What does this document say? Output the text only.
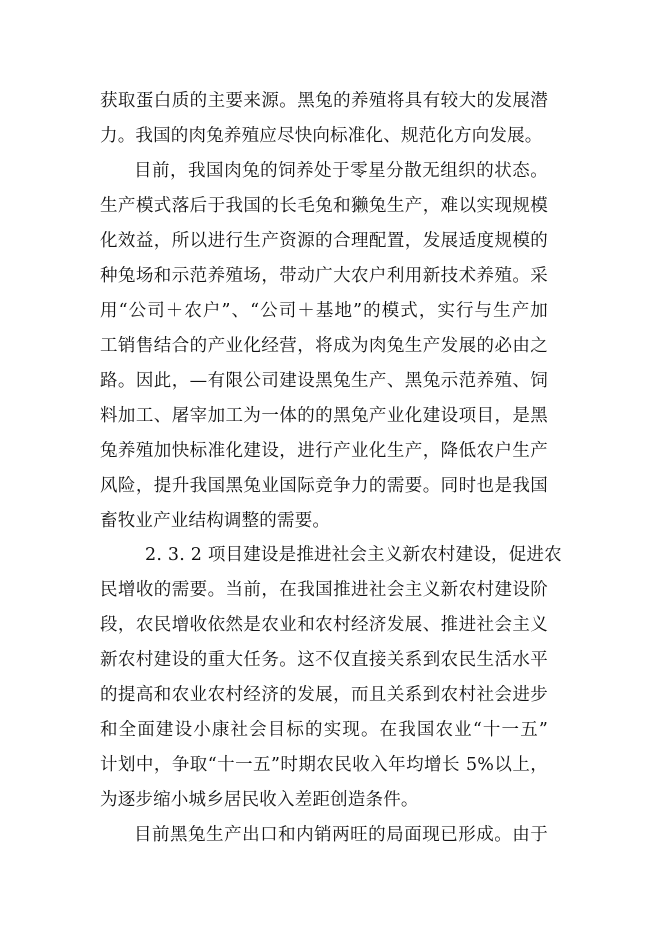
获取蛋白质的主要来源。黑兔的养殖将具有较大的发展潜
力。我国的肉兔养殖应尽快向标准化、规范化方向发展。
目前，我国肉兔的饲养处于零星分散无组织的状态。
生产模式落后于我国的长毛兔和獭兔生产，难以实现规模
化效益，所以进行生产资源的合理配置，发展适度规模的
种兔场和示范养殖场，带动广大农户利用新技术养殖。采
用“公司＋农户”、“公司＋基地”的模式，实行与生产加
工销售结合的产业化经营，将成为肉兔生产发展的必由之
路。因此，—有限公司建设黑兔生产、黑兔示范养殖、饲
料加工、屠宰加工为一体的的黑兔产业化建设项目，是黑
兔养殖加快标准化建设，进行产业化生产，降低农户生产
风险，提升我国黑兔业国际竞争力的需要。同时也是我国
畜牧业产业结构调整的需要。
2. 3. 2 项目建设是推进社会主义新农村建设，促进农
民增收的需要。当前，在我国推进社会主义新农村建设阶
段，农民增收依然是农业和农村经济发展、推进社会主义
新农村建设的重大任务。这不仅直接关系到农民生活水平
的提高和农业农村经济的发展，而且关系到农村社会进步
和全面建设小康社会目标的实现。在我国农业“十一五”
计划中，争取“十一五”时期农民收入年均增长 5%以上，
为逐步缩小城乡居民收入差距创造条件。
目前黑兔生产出口和内销两旺的局面现已形成。由于
